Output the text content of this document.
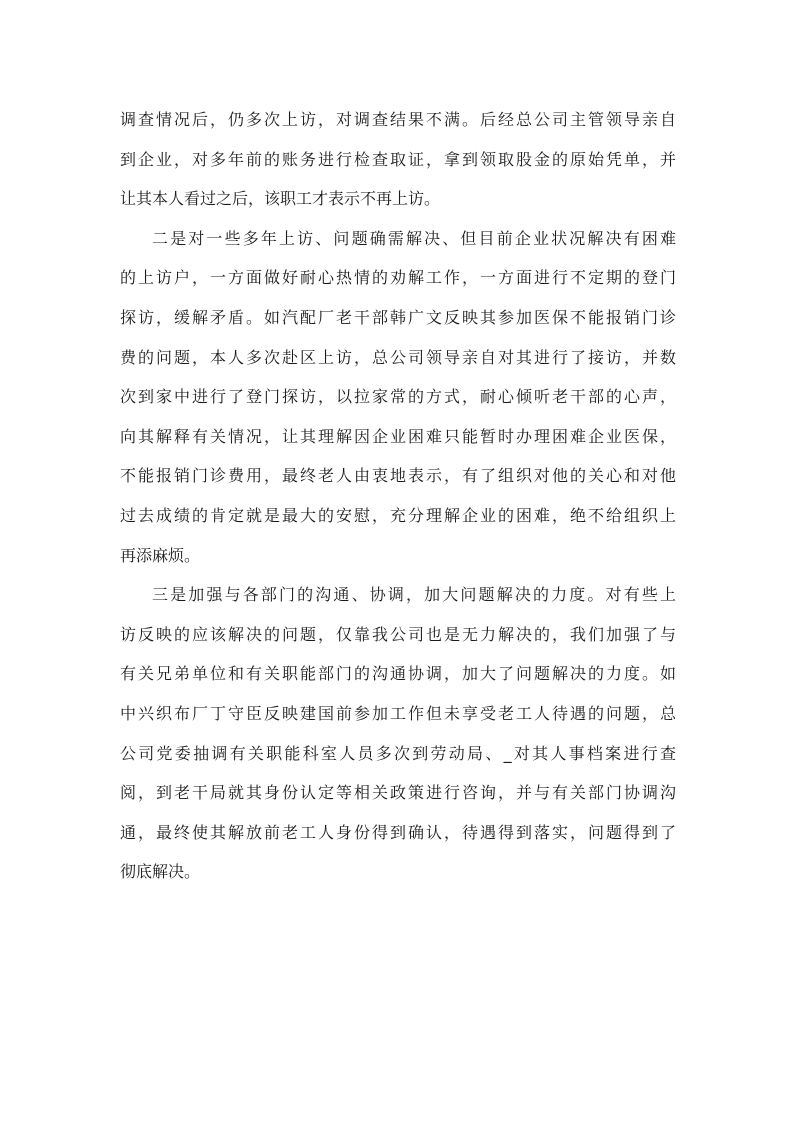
调查情况后，仍多次上访，对调查结果不满。后经总公司主管领导亲自
到企业，对多年前的账务进行检查取证，拿到领取股金的原始凭单，并
让其本人看过之后，该职工才表示不再上访。
二是对一些多年上访、问题确需解决、但目前企业状况解决有困难
的上访户，一方面做好耐心热情的劝解工作，一方面进行不定期的登门
探访，缓解矛盾。如汽配厂老干部韩广文反映其参加医保不能报销门诊
费的问题，本人多次赴区上访，总公司领导亲自对其进行了接访，并数
次到家中进行了登门探访，以拉家常的方式，耐心倾听老干部的心声，
向其解释有关情况，让其理解因企业困难只能暂时办理困难企业医保，
不能报销门诊费用，最终老人由衷地表示，有了组织对他的关心和对他
过去成绩的肯定就是最大的安慰，充分理解企业的困难，绝不给组织上
再添麻烦。
三是加强与各部门的沟通、协调，加大问题解决的力度。对有些上
访反映的应该解决的问题，仅靠我公司也是无力解决的，我们加强了与
有关兄弟单位和有关职能部门的沟通协调，加大了问题解决的力度。如
中兴织布厂丁守臣反映建国前参加工作但未享受老工人待遇的问题，总
公司党委抽调有关职能科室人员多次到劳动局、_对其人事档案进行查
阅，到老干局就其身份认定等相关政策进行咨询，并与有关部门协调沟
通，最终使其解放前老工人身份得到确认，待遇得到落实，问题得到了
彻底解决。
